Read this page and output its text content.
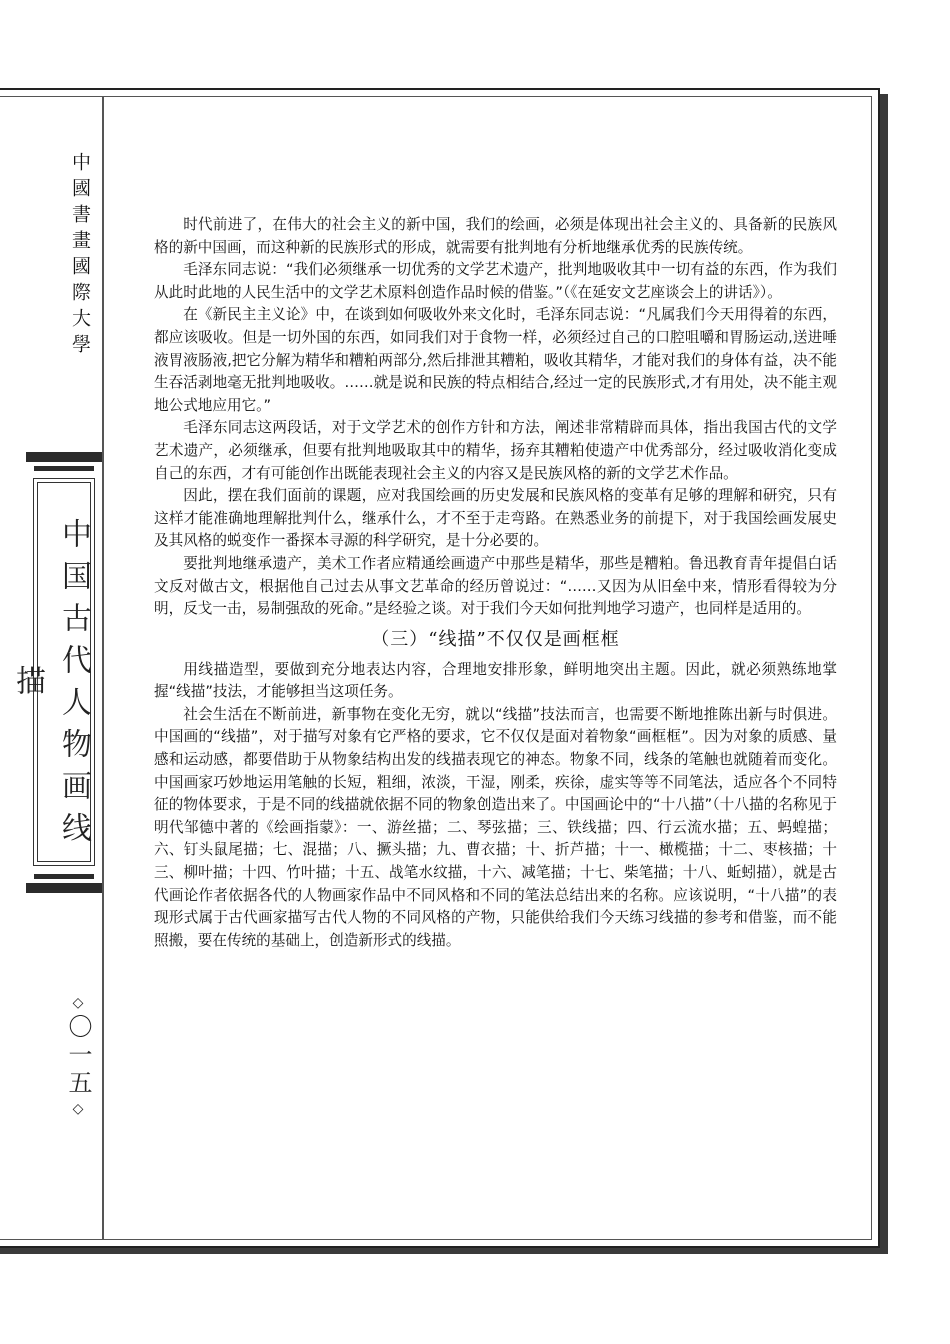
中國書畫國際大學
中国古代人物画线描
◇
〇一五
◇

时代前进了，在伟大的社会主义的新中国，我们的绘画，必须是体现出社会主义的、具备新的民族风格的新中国画，而这种新的民族形式的形成，就需要有批判地有分析地继承优秀的民族传统。

毛泽东同志说：“我们必须继承一切优秀的文学艺术遗产，批判地吸收其中一切有益的东西，作为我们从此时此地的人民生活中的文学艺术原料创造作品时候的借鉴。”（《在延安文艺座谈会上的讲话》）。

在《新民主主义论》中，在谈到如何吸收外来文化时，毛泽东同志说：“凡属我们今天用得着的东西，都应该吸收。但是一切外国的东西，如同我们对于食物一样，必须经过自己的口腔咀嚼和胃肠运动,送进唾液胃液肠液,把它分解为精华和糟粕两部分,然后排泄其糟粕，吸收其精华，才能对我们的身体有益，决不能生吞活剥地毫无批判地吸收。……就是说和民族的特点相结合,经过一定的民族形式,才有用处，决不能主观地公式地应用它。”

毛泽东同志这两段话，对于文学艺术的创作方针和方法，阐述非常精辟而具体，指出我国古代的文学艺术遗产，必须继承，但要有批判地吸取其中的精华，扬弃其糟粕使遗产中优秀部分，经过吸收消化变成自己的东西，才有可能创作出既能表现社会主义的内容又是民族风格的新的文学艺术作品。

因此，摆在我们面前的课题，应对我国绘画的历史发展和民族风格的变革有足够的理解和研究，只有这样才能准确地理解批判什么，继承什么，才不至于走弯路。在熟悉业务的前提下，对于我国绘画发展史及其风格的蜕变作一番探本寻源的科学研究，是十分必要的。

要批判地继承遗产，美术工作者应精通绘画遗产中那些是精华，那些是糟粕。鲁迅教育青年提倡白话文反对做古文，根据他自己过去从事文艺革命的经历曾说过：“……又因为从旧垒中来，情形看得较为分明，反戈一击，易制强敌的死命。”是经验之谈。对于我们今天如何批判地学习遗产，也同样是适用的。

（三）“线描”不仅仅是画框框

用线描造型，要做到充分地表达内容，合理地安排形象，鲜明地突出主题。因此，就必须熟练地掌握“线描”技法，才能够担当这项任务。

社会生活在不断前进，新事物在变化无穷，就以“线描”技法而言，也需要不断地推陈出新与时俱进。中国画的“线描”，对于描写对象有它严格的要求，它不仅仅是面对着物象“画框框”。因为对象的质感、量感和运动感，都要借助于从物象结构出发的线描表现它的神态。物象不同，线条的笔触也就随着而变化。中国画家巧妙地运用笔触的长短，粗细，浓淡，干湿，刚柔，疾徐，虚实等等不同笔法，适应各个不同特征的物体要求，于是不同的线描就依据不同的物象创造出来了。中国画论中的“十八描”（十八描的名称见于明代邹德中著的《绘画指蒙》：一、游丝描；二、琴弦描；三、铁线描；四、行云流水描；五、蚂蝗描；六、钉头鼠尾描；七、混描；八、撅头描；九、曹衣描；十、折芦描；十一、橄榄描；十二、枣核描；十三、柳叶描；十四、竹叶描；十五、战笔水纹描，十六、减笔描；十七、柴笔描；十八、蚯蚓描），就是古代画论作者依据各代的人物画家作品中不同风格和不同的笔法总结出来的名称。应该说明，“十八描”的表现形式属于古代画家描写古代人物的不同风格的产物，只能供给我们今天练习线描的参考和借鉴，而不能照搬，要在传统的基础上，创造新形式的线描。
